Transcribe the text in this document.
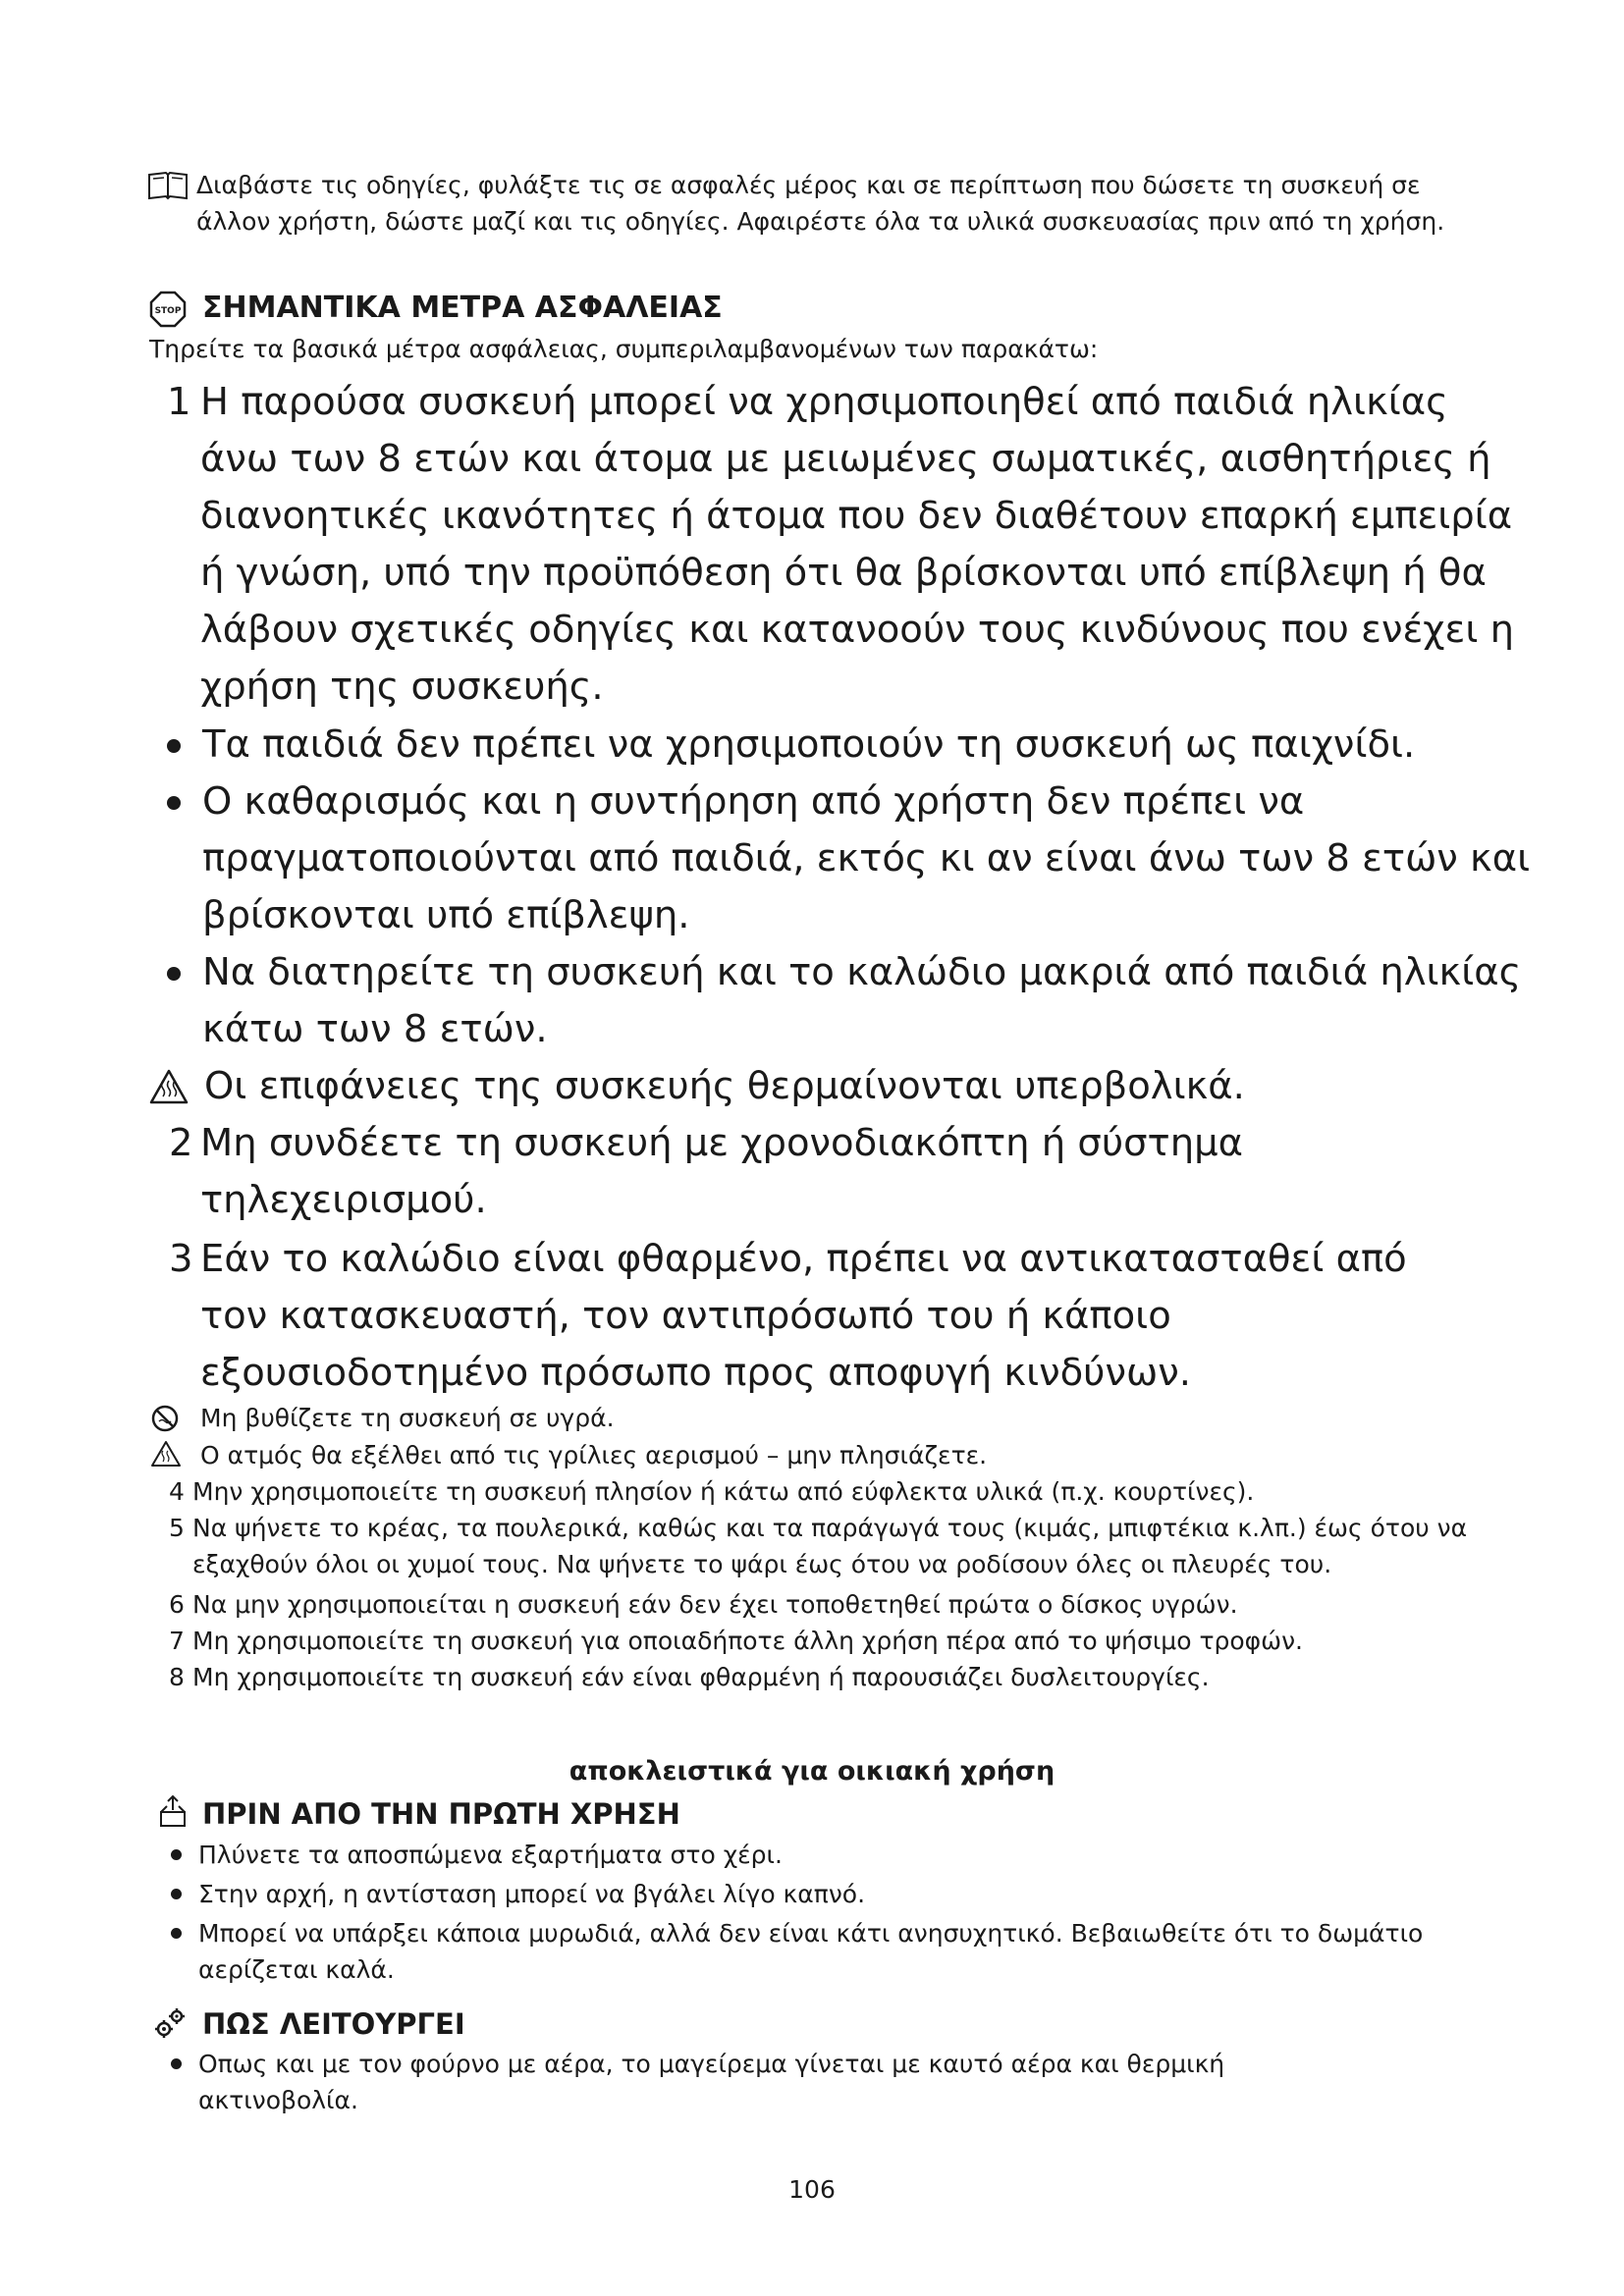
Διαβάστε τις οδηγίες, φυλάξτε τις σε ασφαλές μέρος και σε περίπτωση που δώσετε τη συσκευή σε άλλον χρήστη, δώστε μαζί και τις οδηγίες. Αφαιρέστε όλα τα υλικά συσκευασίας πριν από τη χρήση.
STOP ΣΗΜΑΝΤΙΚΑ ΜΕΤΡΑ ΑΣΦΑΛΕΙΑΣ
Τηρείτε τα βασικά μέτρα ασφάλειας, συμπεριλαμβανομένων των παρακάτω:
1 Η παρούσα συσκευή μπορεί να χρησιμοποιηθεί από παιδιά ηλικίας άνω των 8 ετών και άτομα με μειωμένες σωματικές, αισθητήριες ή διανοητικές ικανότητες ή άτομα που δεν διαθέτουν επαρκή εμπειρία ή γνώση, υπό την προϋπόθεση ότι θα βρίσκονται υπό επίβλεψη ή θα λάβουν σχετικές οδηγίες και κατανοούν τους κινδύνους που ενέχει η χρήση της συσκευής.
Τα παιδιά δεν πρέπει να χρησιμοποιούν τη συσκευή ως παιχνίδι.
Ο καθαρισμός και η συντήρηση από χρήστη δεν πρέπει να πραγματοποιούνται από παιδιά, εκτός κι αν είναι άνω των 8 ετών και βρίσκονται υπό επίβλεψη.
Να διατηρείτε τη συσκευή και το καλώδιο μακριά από παιδιά ηλικίας κάτω των 8 ετών.
Οι επιφάνειες της συσκευής θερμαίνονται υπερβολικά.
2 Μη συνδέετε τη συσκευή με χρονοδιακόπτη ή σύστημα τηλεχειρισμού.
3 Εάν το καλώδιο είναι φθαρμένο, πρέπει να αντικατασταθεί από τον κατασκευαστή, τον αντιπρόσωπό του ή κάποιο εξουσιοδοτημένο πρόσωπο προς αποφυγή κινδύνων.
Μη βυθίζετε τη συσκευή σε υγρά.
Ο ατμός θα εξέλθει από τις γρίλιες αερισμού – μην πλησιάζετε.
4 Μην χρησιμοποιείτε τη συσκευή πλησίον ή κάτω από εύφλεκτα υλικά (π.χ. κουρτίνες).
5 Να ψήνετε το κρέας, τα πουλερικά, καθώς και τα παράγωγά τους (κιμάς, μπιφτέκια κ.λπ.) έως ότου να εξαχθούν όλοι οι χυμοί τους. Να ψήνετε το ψάρι έως ότου να ροδίσουν όλες οι πλευρές του.
6 Να μην χρησιμοποιείται η συσκευή εάν δεν έχει τοποθετηθεί πρώτα ο δίσκος υγρών.
7 Μη χρησιμοποιείτε τη συσκευή για οποιαδήποτε άλλη χρήση πέρα από το ψήσιμο τροφών.
8 Μη χρησιμοποιείτε τη συσκευή εάν είναι φθαρμένη ή παρουσιάζει δυσλειτουργίες.
αποκλειστικά για οικιακή χρήση
ΠΡΙΝ ΑΠΟ ΤΗΝ ΠΡΩΤΗ ΧΡΗΣΗ
Πλύνετε τα αποσπώμενα εξαρτήματα στο χέρι.
Στην αρχή, η αντίσταση μπορεί να βγάλει λίγο καπνό.
Μπορεί να υπάρξει κάποια μυρωδιά, αλλά δεν είναι κάτι ανησυχητικό. Βεβαιωθείτε ότι το δωμάτιο αερίζεται καλά.
ΠΩΣ ΛΕΙΤΟΥΡΓΕΙ
Οπως και με τον φούρνο με αέρα, το μαγείρεμα γίνεται με καυτό αέρα και θερμική ακτινοβολία.
106
